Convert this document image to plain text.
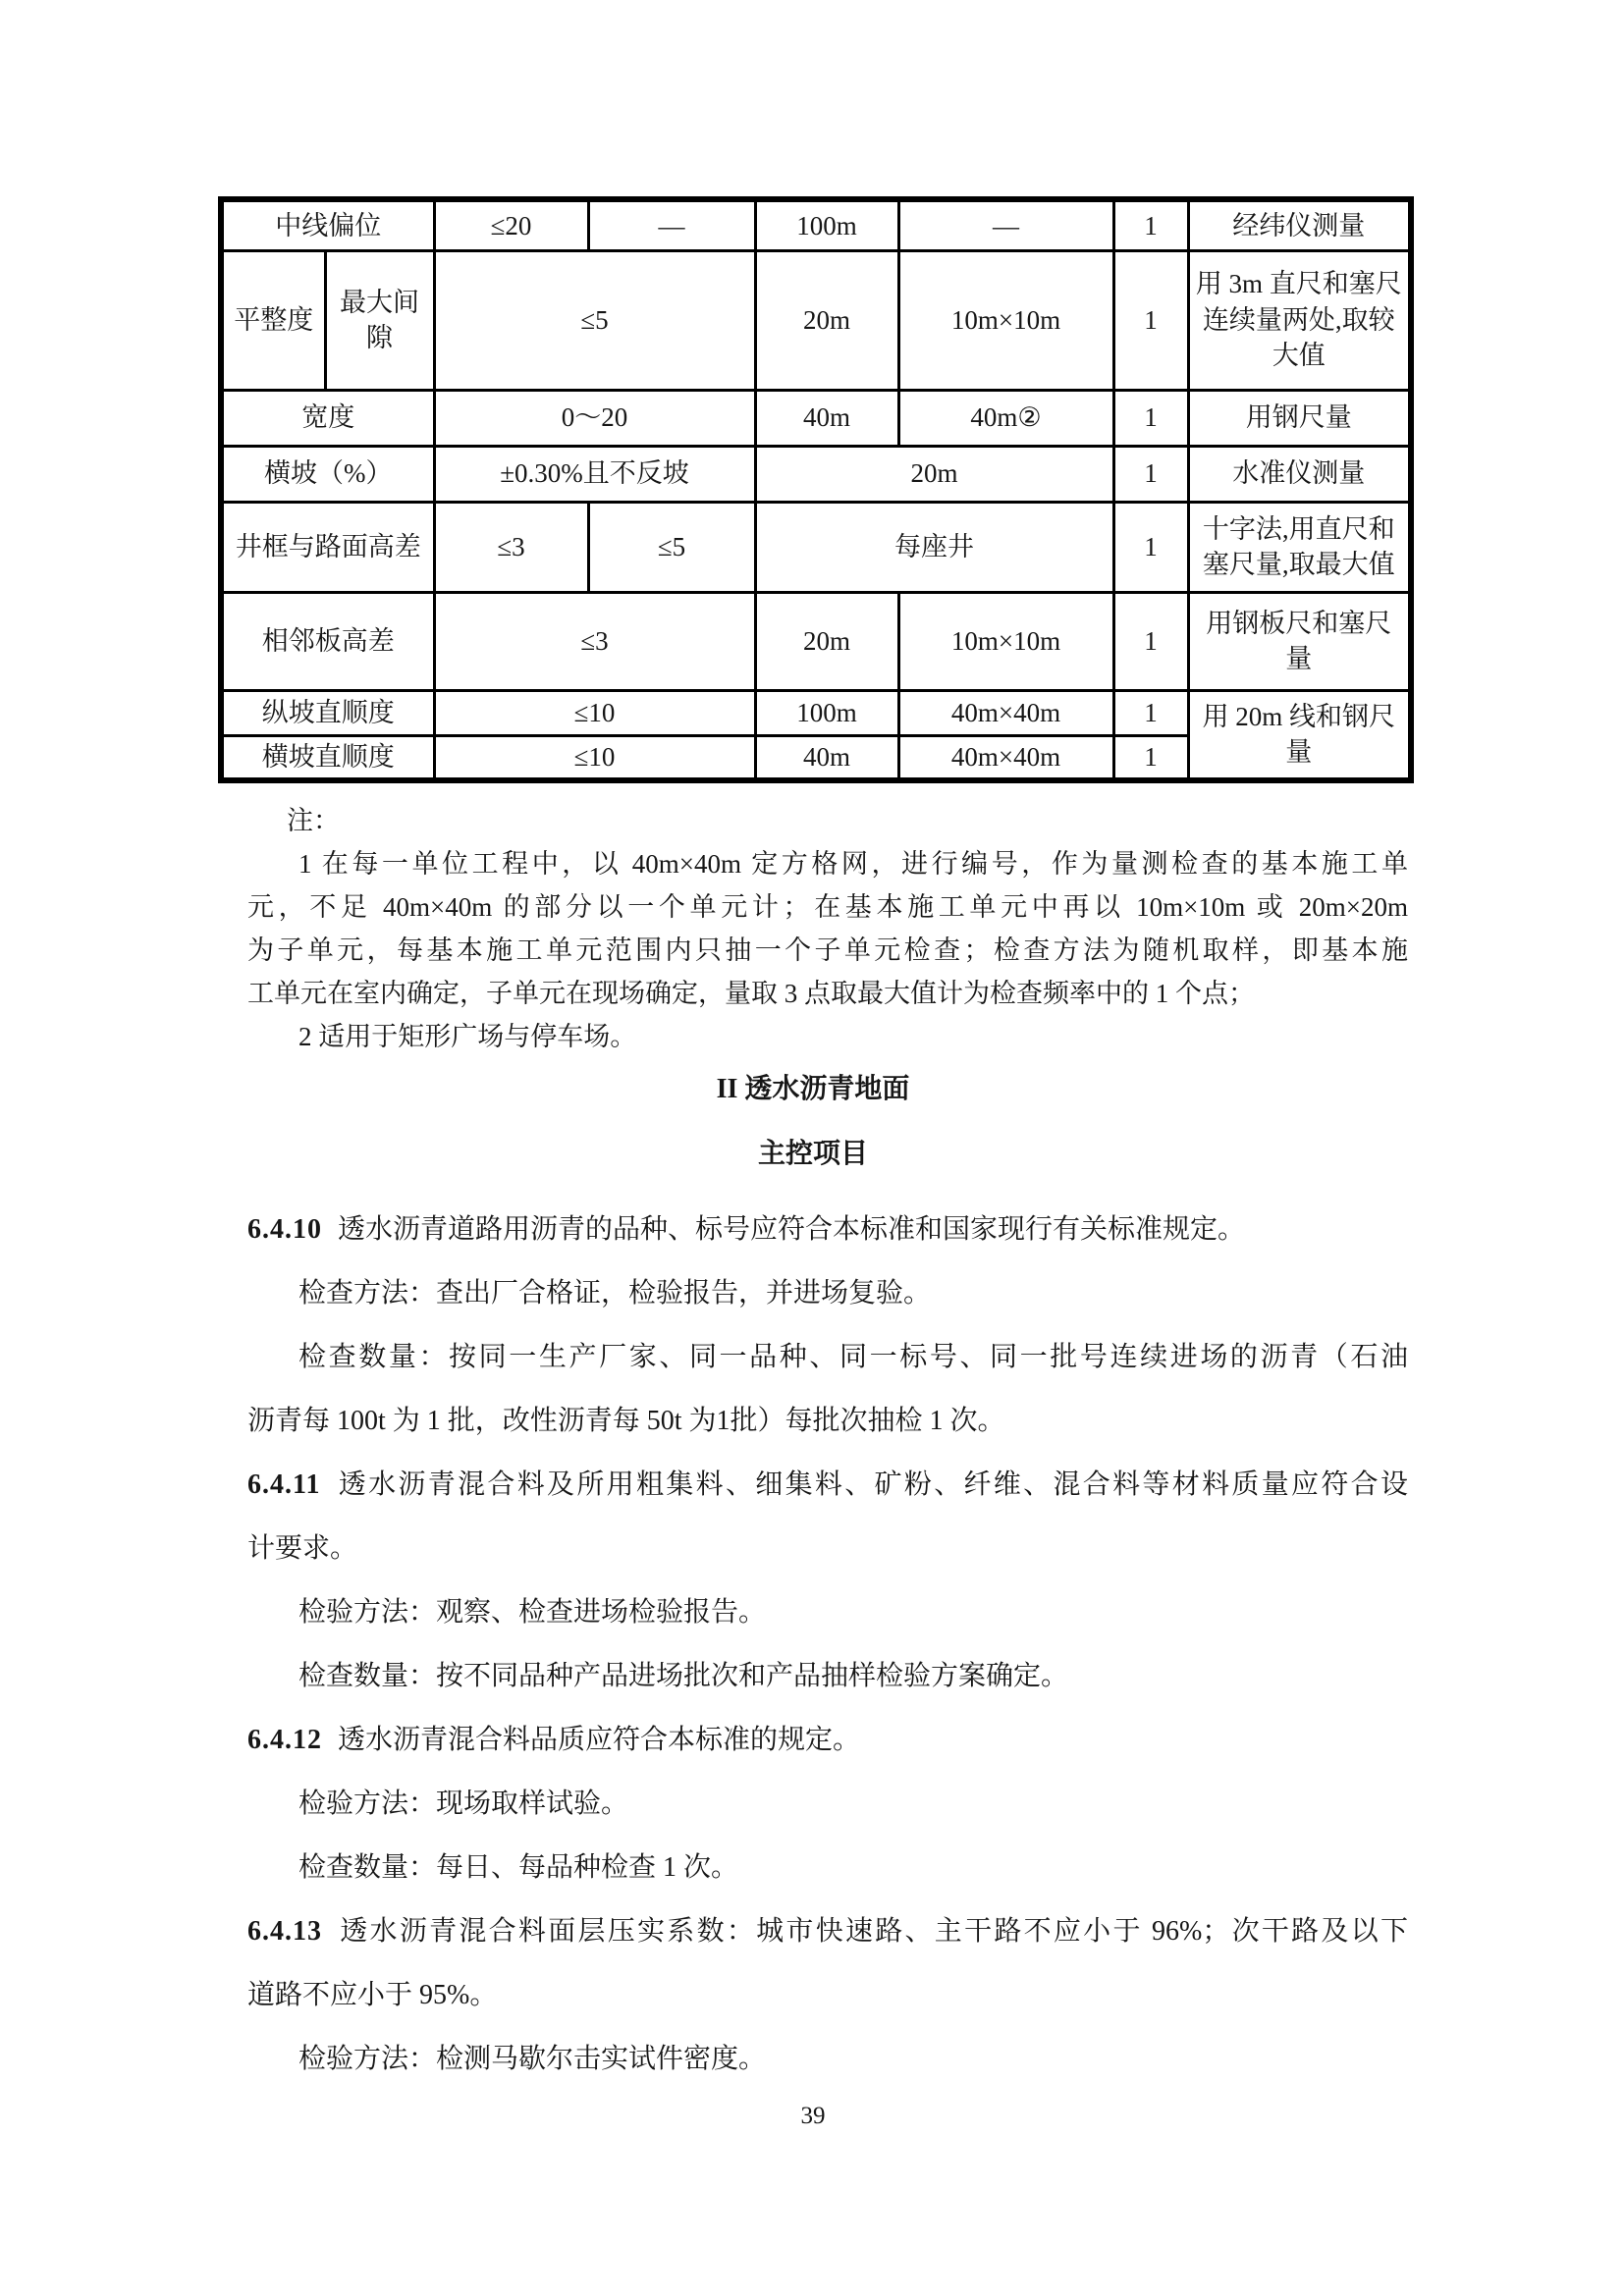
中线偏位		≤20	—	100m	—	1	经纬仪测量
平整度	最大间隙	≤5		20m	10m×10m	1	用 3m 直尺和塞尺连续量两处,取较大值
宽度		0～20		40m	40m②	1	用钢尺量
横坡（%）		±0.30%且不反坡		20m		1	水准仪测量
井框与路面高差		≤3	≤5	每座井		1	十字法,用直尺和塞尺量,取最大值
相邻板高差		≤3		20m	10m×10m	1	用钢板尺和塞尺量
纵坡直顺度		≤10		100m	40m×40m	1	用 20m 线和钢尺量
横坡直顺度		≤10		40m	40m×40m	1	
注：
1 在每一单位工程中，以 40m×40m 定方格网，进行编号，作为量测检查的基本施工单
元，不足 40m×40m 的部分以一个单元计；在基本施工单元中再以 10m×10m 或 20m×20m
为子单元，每基本施工单元范围内只抽一个子单元检查；检查方法为随机取样，即基本施
工单元在室内确定，子单元在现场确定，量取 3 点取最大值计为检查频率中的 1 个点；
2 适用于矩形广场与停车场。
II 透水沥青地面
主控项目
6.4.10 透水沥青道路用沥青的品种、标号应符合本标准和国家现行有关标准规定。
检查方法：查出厂合格证，检验报告，并进场复验。
检查数量：按同一生产厂家、同一品种、同一标号、同一批号连续进场的沥青（石油
沥青每 100t 为 1 批，改性沥青每 50t 为1批）每批次抽检 1 次。
6.4.11 透水沥青混合料及所用粗集料、细集料、矿粉、纤维、混合料等材料质量应符合设
计要求。
检验方法：观察、检查进场检验报告。
检查数量：按不同品种产品进场批次和产品抽样检验方案确定。
6.4.12 透水沥青混合料品质应符合本标准的规定。
检验方法：现场取样试验。
检查数量：每日、每品种检查 1 次。
6.4.13 透水沥青混合料面层压实系数：城市快速路、主干路不应小于 96%；次干路及以下
道路不应小于 95%。
检验方法：检测马歇尔击实试件密度。
39
